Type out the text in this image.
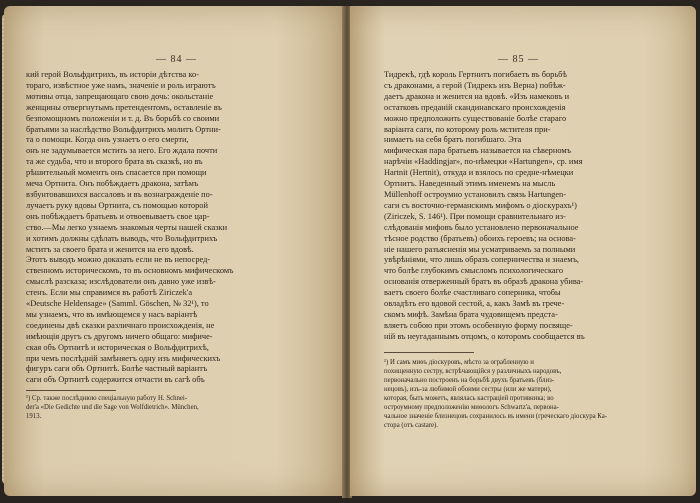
— 84 —

кий герой Вольфдитрихъ, въ исторіи дѣтства ко-

тораго, извѣстное уже намъ, значеніе и роль играютъ

мотивы отца, запрещающаго свою дочь: окольстаніе

женщины отвергнутымъ претендентомъ, оставленіе въ

безпомощномъ положеніи и т. д. Въ борьбѣ со своими

братьями за наслѣдство Вольфдитрихъ молитъ Ортни-

та о помощи. Когда онъ узнаетъ о его смерти,

онъ не задумывается мстить за него. Его ждала почти

та же судьба, что и второго брата въ сказкѣ, но въ

рѣшительный моментъ онъ спасается при помощи

меча Ортнита. Онъ побѣждаетъ дракона, затѣмъ

взбунтовавшихся вассаловъ и въ вознагражденіе по-

лучаетъ руку вдовы Ортнита, съ помощью которой

онъ побѣждаетъ братьевъ и отвоевываетъ свое цар-

ство.—Мы легко узнаемъ знакомыя черты нашей сказки

и хотимъ должны сдѣлать выводъ, что Вольфдитрихъ

мститъ за своего брата и женится на его вдовѣ.

Этотъ выводъ можно доказать если не въ непосред-

ственномъ историческомъ, то въ основномъ мифическомъ

смыслѣ разсказа; изслѣдователи онъ давно уже извѣ-

стенъ. Если мы справимся въ работѣ Zirіczek'а

«Deutsche Heldensage» (Samml. Göschen, № 32¹), то

мы узнаемъ, что въ имѣющемся у насъ варіантѣ

соединены двѣ сказки различнаго происхожденія, не

имѣющія другъ съ другомъ ничего общаго: мифиче-

ская объ Ортнитѣ и историческая о Вольфдитрихѣ,

при чемъ послѣдній замѣняетъ одну изъ мифическихъ

фигуръ саги объ Ортнитѣ. Болѣе частный варіантъ

саги объ Ортнитѣ содержится отчасти въ сагѣ объ

¹) Ср. также послѣднюю спеціальную работу H. Schnei-

der'a «Die Gedichte und die Sage von Wolfdietrich». München,

1913.

— 85 —

Тидрекѣ, гдѣ король Гертнитъ погибаетъ въ борьбѣ

съ драконами, а герой (Тидрекъ изъ Верна) побѣж-

даетъ дракона и женится на вдовѣ. «Изъ намековъ и

остатковъ преданій скандинавскаго происхожденія

можно предположить существованіе болѣе стараго

варіанта саги, по которому роль мстителя при-

нимаетъ на себя братъ погибшаго. Эта

мифическая пара братьевъ называется на сѣверномъ

нарѣчіи «Haddingjar», по-нѣмецки «Hartungen», ср. имя

Hartnit (Hertnit), откуда и взялось по средне-нѣмецки

Ортнитъ. Наведенный этимъ именемъ на мысль

Müllenhoff остроумно установилъ связь Hartungen-

саги съ восточно-германскимъ мифомъ о діоскурахъ¹)

(Zirіczek, S. 146¹). При помощи сравнительнаго из-

слѣдованія мифовъ было установлено первоначальное

тѣсное родство (братьевъ) обоихъ героевъ; на основа-

ніе нашего разъясненія мы усматриваемъ за полными

увѣрѣніями, что лишь образъ соперничества и знаемъ,

что болѣе глубокимъ смысломъ психологическаго

основанія отверженный братъ въ образѣ дракона убива-

ваетъ своего болѣе счастливаго соперника, чтобы

овладѣть его вдовой сестой, а, какъ Замѣ въ грече-

скомъ мифѣ. Замѣна брата чудовищемъ предста-

вляетъ собою при этомъ особенную форму посвяще-

ній въ неугаданнымъ отцомъ, о которомъ сообщается въ

¹) И самъ миѳъ діоскуровъ, мѣсто за ограбленную и

похищенную сестру, встрѣчающійся у различныхъ народовъ,

первоначально построенъ на борьбѣ двухъ братьевъ (близ-

нецовъ), изъ-за любимой обоими сестры (или же матери),

которая, быть можетъ, являлась кастраціей противника; во

остроумному предположенію миѳологъ Schwartz'а, первона-

чальное значеніе близнецовъ сохранилось въ имени (греческаго діоскура Ка-

стора (отъ castare).
